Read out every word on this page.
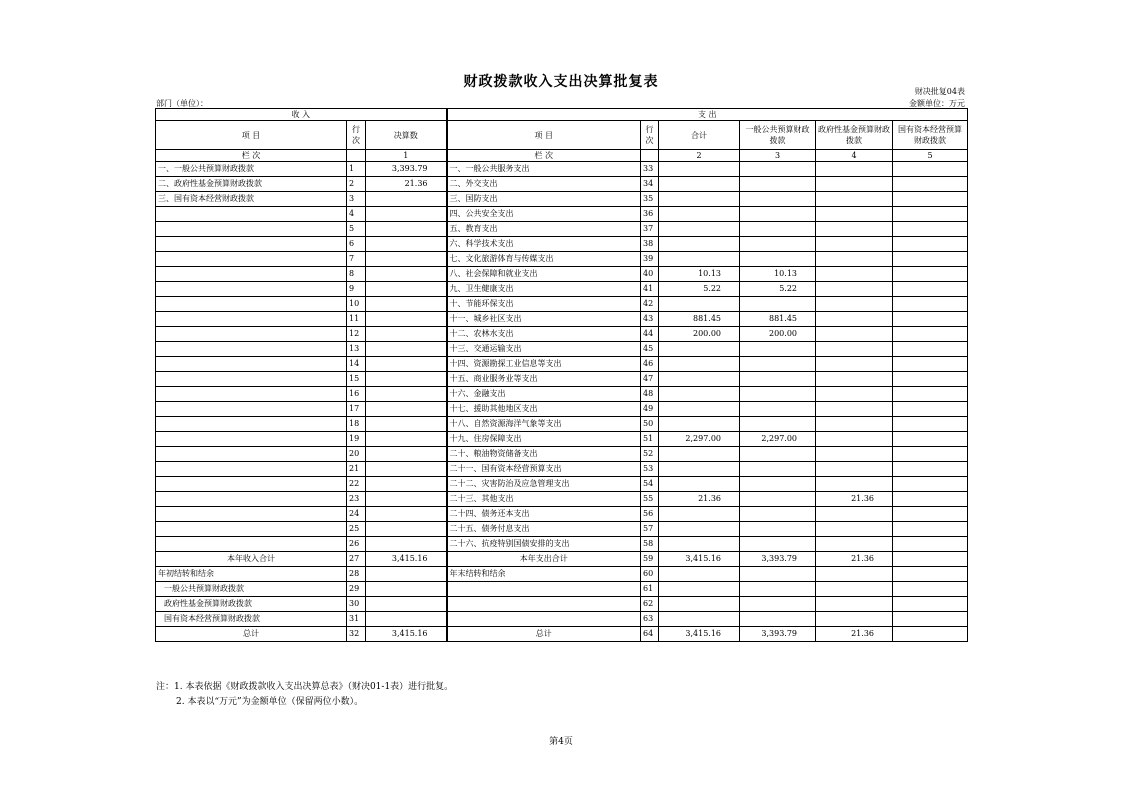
财政拨款收入支出决算批复表
财决批复04表
部门（单位）：	金额单位：万元
收 入			支 出					
项 目	行次	决算数	项 目	行次	合计	一般公共预算财政拨款	政府性基金预算财政拨款	国有资本经营预算财政拨款
栏 次		1	栏 次		2	3	4	5
一、一般公共预算财政拨款	1	3,393.79	一、一般公共服务支出	33				
二、政府性基金预算财政拨款	2	21.36	二、外交支出	34				
三、国有资本经营财政拨款	3		三、国防支出	35				
	4		四、公共安全支出	36				
	5		五、教育支出	37				
	6		六、科学技术支出	38				
	7		七、文化旅游体育与传媒支出	39				
	8		八、社会保障和就业支出	40	10.13	10.13		
	9		九、卫生健康支出	41	5.22	5.22		
	10		十、节能环保支出	42				
	11		十一、城乡社区支出	43	881.45	881.45		
	12		十二、农林水支出	44	200.00	200.00		
	13		十三、交通运输支出	45				
	14		十四、资源勘探工业信息等支出	46				
	15		十五、商业服务业等支出	47				
	16		十六、金融支出	48				
	17		十七、援助其他地区支出	49				
	18		十八、自然资源海洋气象等支出	50				
	19		十九、住房保障支出	51	2,297.00	2,297.00		
	20		二十、粮油物资储备支出	52				
	21		二十一、国有资本经营预算支出	53				
	22		二十二、灾害防治及应急管理支出	54				
	23		二十三、其他支出	55	21.36		21.36	
	24		二十四、债务还本支出	56				
	25		二十五、债务付息支出	57				
	26		二十六、抗疫特别国债安排的支出	58				
本年收入合计	27	3,415.16	本年支出合计	59	3,415.16	3,393.79	21.36	
年初结转和结余	28		年末结转和结余	60				
一般公共预算财政拨款	29			61				
政府性基金预算财政拨款	30			62				
国有资本经营预算财政拨款	31			63				
总计	32	3,415.16	总计	64	3,415.16	3,393.79	21.36	
注：1. 本表依据《财政拨款收入支出决算总表》（财决01-1表）进行批复。
2. 本表以“万元”为金额单位（保留两位小数）。
第4页
